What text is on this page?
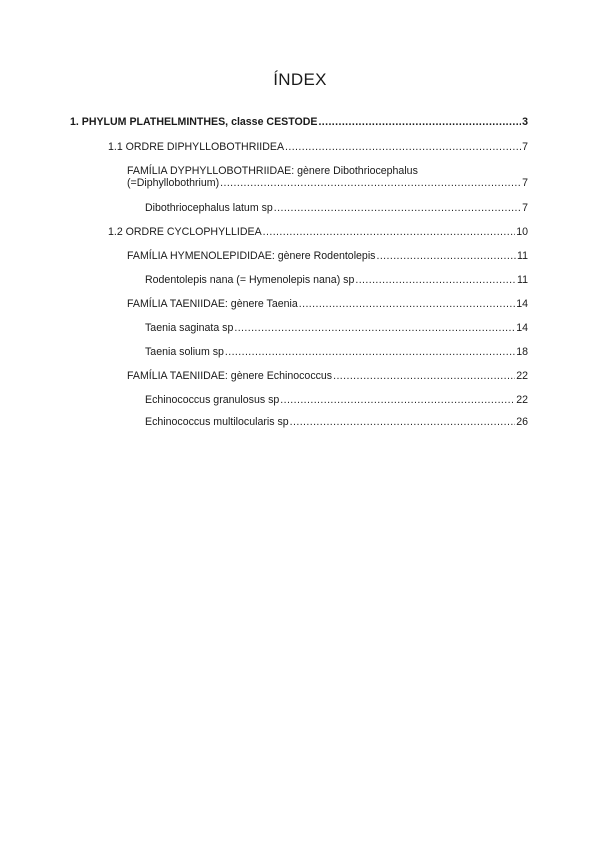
ÍNDEX
1. PHYLUM PLATHELMINTHES, classe CESTODE .....	3
1.1 ORDRE DIPHYLLOBOTHRIIDEA .....	7
FAMÍLIA DYPHYLLOBOTHRIIDAE: gènere Dibothriocephalus
(=Diphyllobothrium) .....	7
Dibothriocephalus latum sp .....	7
1.2 ORDRE CYCLOPHYLLIDEA .....	10
FAMÍLIA HYMENOLEPIDIDAE: gènere Rodentolepis .....	11
Rodentolepis nana (= Hymenolepis nana) sp .....	11
FAMÍLIA TAENIIDAE: gènere Taenia .....	14
Taenia saginata sp .....	14
Taenia solium sp .....	18
FAMÍLIA TAENIIDAE: gènere Echinococcus .....	22
Echinococcus granulosus sp .....	22
Echinococcus multilocularis sp .....	26
